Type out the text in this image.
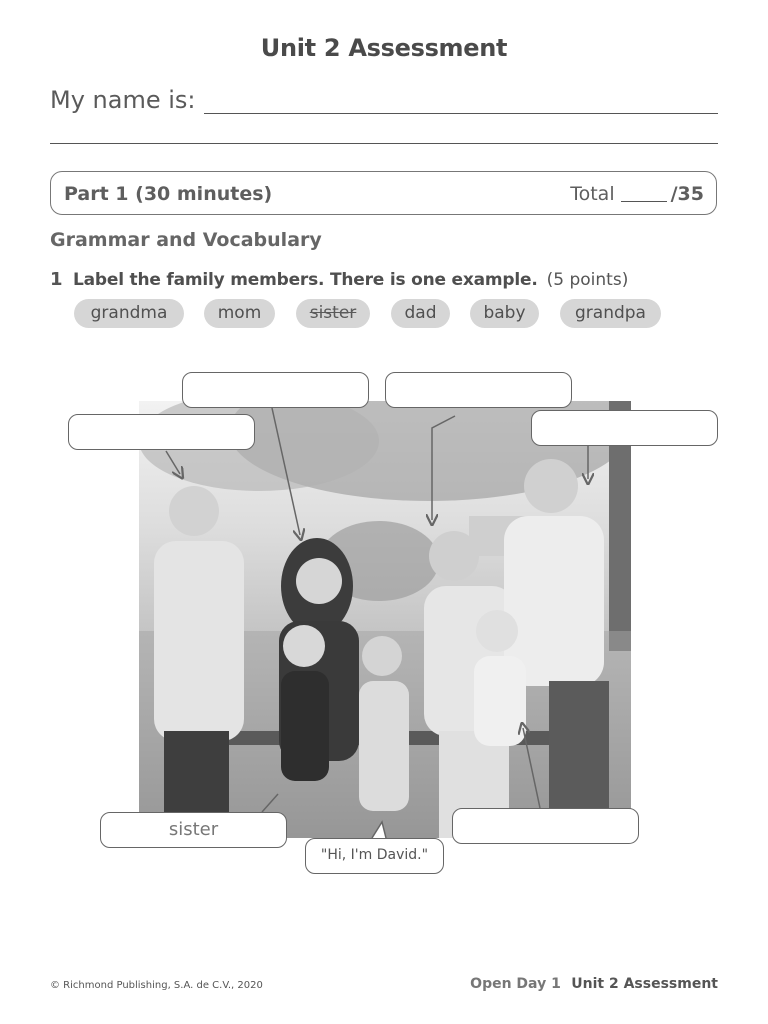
Unit 2 Assessment
My name is:
Part 1 (30 minutes)	Total	/35
Grammar and Vocabulary
1 Label the family members. There is one example. (5 points)
grandma	mom	sister	dad	baby	grandpa
sister
"Hi, I'm David."
© Richmond Publishing, S.A. de C.V., 2020	Open Day 1 Unit 2 Assessment
